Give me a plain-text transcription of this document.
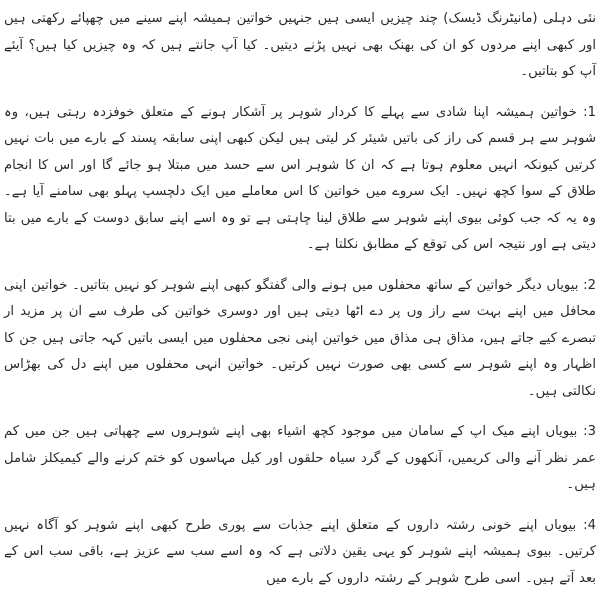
نئی دہلی (مانیٹرنگ ڈیسک) چند چیزیں ایسی ہیں جنہیں خواتین ہمیشہ اپنے سینے میں چھپائے رکھتی ہیں اور کبھی اپنے مردوں کو ان کی بھنک بھی نہیں پڑنے دیتیں۔ کیا آپ جانتے ہیں کہ وہ چیزیں کیا ہیں؟ آیئے آپ کو بتاتیں۔

1: خواتین ہمیشہ اپنا شادی سے پہلے کا کردار شوہر پر آشکار ہونے کے متعلق خوفزدہ رہتی ہیں، وہ شوہر سے ہر قسم کی راز کی باتیں شیئر کر لیتی ہیں لیکن کبھی اپنی سابقہ پسند کے بارے میں بات نہیں کرتیں کیونکہ انہیں معلوم ہوتا ہے کہ ان کا شوہر اس سے حسد میں مبتلا ہو جائے گا اور اس کا انجام طلاق کے سوا کچھ نہیں۔ ایک سروے میں خواتین کا اس معاملے میں ایک دلچسپ پہلو بھی سامنے آیا ہے۔ وہ یہ کہ جب کوئی بیوی اپنے شوہر سے طلاق لینا چاہتی ہے تو وہ اسے اپنے سابق دوست کے بارے میں بتا دیتی ہے اور نتیجہ اس کی توقع کے مطابق نکلتا ہے۔

2: بیویاں دیگر خواتین کے ساتھ محفلوں میں ہونے والی گفتگو کبھی اپنے شوہر کو نہیں بتاتیں۔ خواتین اپنی محافل میں اپنے بہت سے راز وں پر دے اٹھا دیتی ہیں اور دوسری خواتین کی طرف سے ان پر مزید ار تبصرے کیے جاتے ہیں، مذاق ہی مذاق میں خواتین اپنی نجی محفلوں میں ایسی باتیں کہہ جاتی ہیں جن کا اظہار وہ اپنے شوہر سے کسی بھی صورت نہیں کرتیں۔ خواتین انہی محفلوں میں اپنے دل کی بھڑاس نکالتی ہیں۔

3: بیویاں اپنے میک اپ کے سامان میں موجود کچھ اشیاء بھی اپنے شوہروں سے چھپاتی ہیں جن میں کم عمر نظر آنے والی کریمیں، آنکھوں کے گرد سیاہ حلقوں اور کیل مہاسوں کو ختم کرنے والے کیمیکلز شامل ہیں۔

4: بیویاں اپنے خونی رشتہ داروں کے متعلق اپنے جذبات سے پوری طرح کبھی اپنے شوہر کو آگاہ نہیں کرتیں۔ بیوی ہمیشہ اپنے شوہر کو یہی یقین دلاتی ہے کہ وہ اسے سب سے عزیز ہے، باقی سب اس کے بعد آتے ہیں۔ اسی طرح شوہر کے رشتہ داروں کے بارے میں
